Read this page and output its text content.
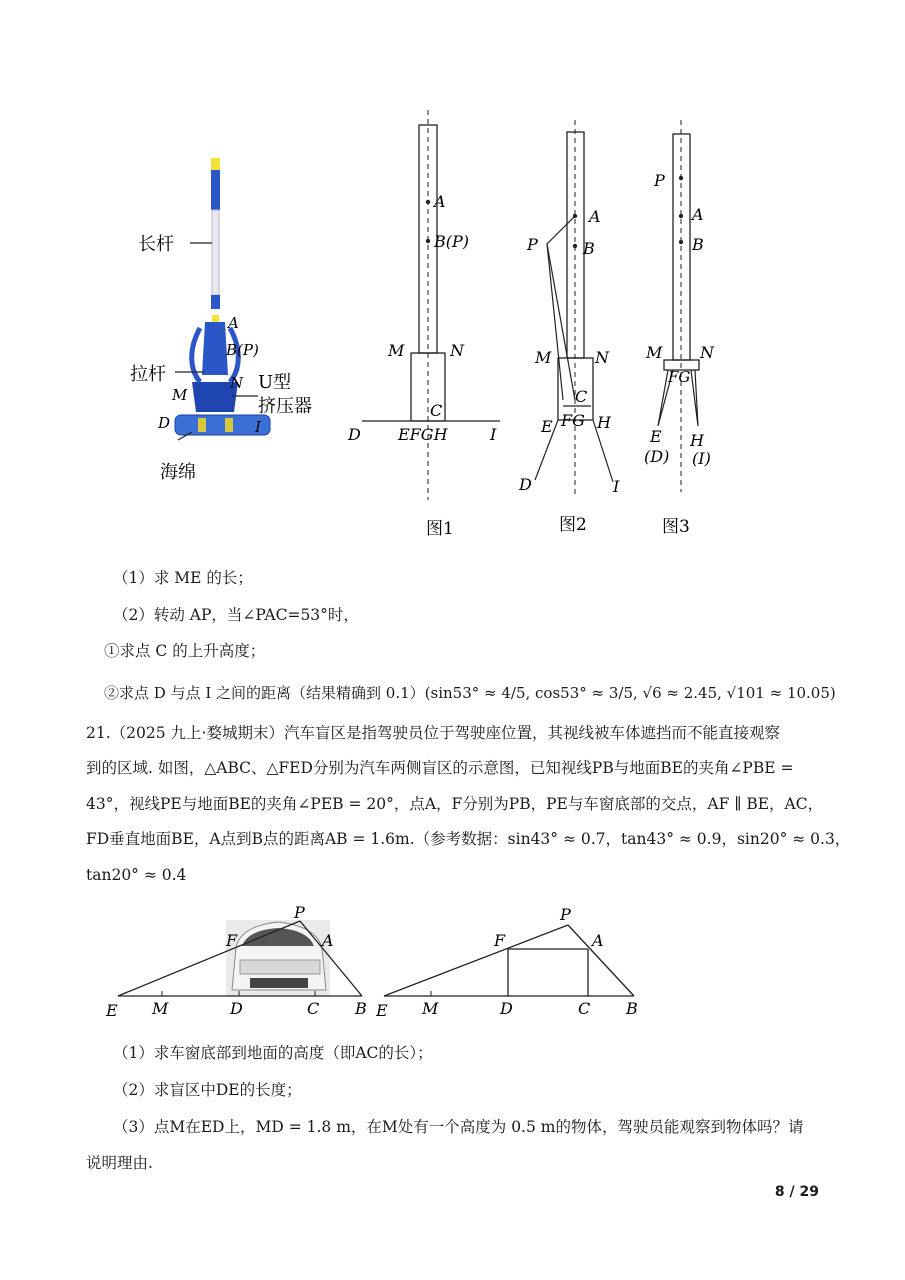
长杆
拉杆	U型
挤压器
海绵
A
B(P)
M
N
D	I
A
B(P)
M	N
C
D EFGH	I
图1
A
B
P
M	N
C
E FG H
D	I
图2
P
A
B
M N
FG
E
(D)
H
(I)
图3
（1）求 ME 的长；
（2）转动 AP，当∠PAC=53°时，
①求点 C 的上升高度；
②求点 D 与点 I 之间的距离（结果精确到 0.1）(sin53° ≈ 4/5, cos53° ≈ 3/5, √6 ≈ 2.45, √101 ≈ 10.05)
21.（2025 九上·婺城期末）汽车盲区是指驾驶员位于驾驶座位置，其视线被车体遮挡而不能直接观察
到的区域. 如图，△ABC、△FED分别为汽车两侧盲区的示意图，已知视线PB与地面BE的夹角∠PBE =
43°，视线PE与地面BE的夹角∠PEB = 20°，点A，F分别为PB，PE与车窗底部的交点，AF ∥ BE，AC，
FD垂直地面BE，A点到B点的距离AB = 1.6m.（参考数据：sin43° ≈ 0.7，tan43° ≈ 0.9，sin20° ≈ 0.3，
tan20° ≈ 0.4
P
F	A
E M	D	C B
P
F	A
E M	D	C B
（1）求车窗底部到地面的高度（即AC的长）；
（2）求盲区中DE的长度；
（3）点M在ED上，MD = 1.8 m，在M处有一个高度为 0.5 m的物体，驾驶员能观察到物体吗？请
说明理由.
8 / 29
